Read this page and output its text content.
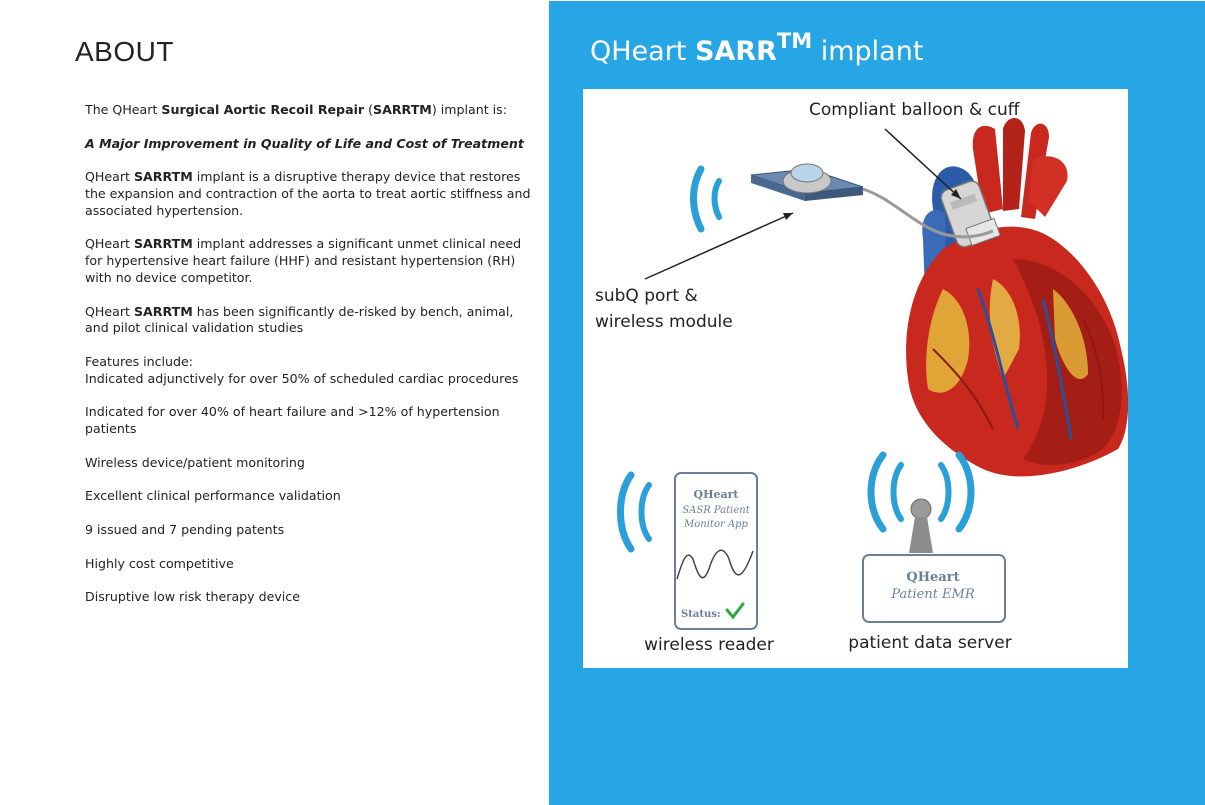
ABOUT

The QHeart Surgical Aortic Recoil Repair (SARRTM) implant is:

A Major Improvement in Quality of Life and Cost of Treatment

QHeart SARRTM implant is a disruptive therapy device that restores the expansion and contraction of the aorta to treat aortic stiffness and associated hypertension.

QHeart SARRTM implant addresses a significant unmet clinical need for hypertensive heart failure (HHF) and resistant hypertension (RH) with no device competitor.

QHeart SARRTM has been significantly de-risked by bench, animal, and pilot clinical validation studies

Features include:

Indicated adjunctively for over 50% of scheduled cardiac procedures

Indicated for over 40% of heart failure and >12% of hypertension patients

Wireless device/patient monitoring

Excellent clinical performance validation

9 issued and 7 pending patents

Highly cost competitive

Disruptive low risk therapy device

QHeart SARR™ implant
Compliant balloon & cuff
subQ port &
wireless module
QHeart
SASR Patient
Monitor App
Status:
wireless reader
QHeart
Patient EMR
patient data server
